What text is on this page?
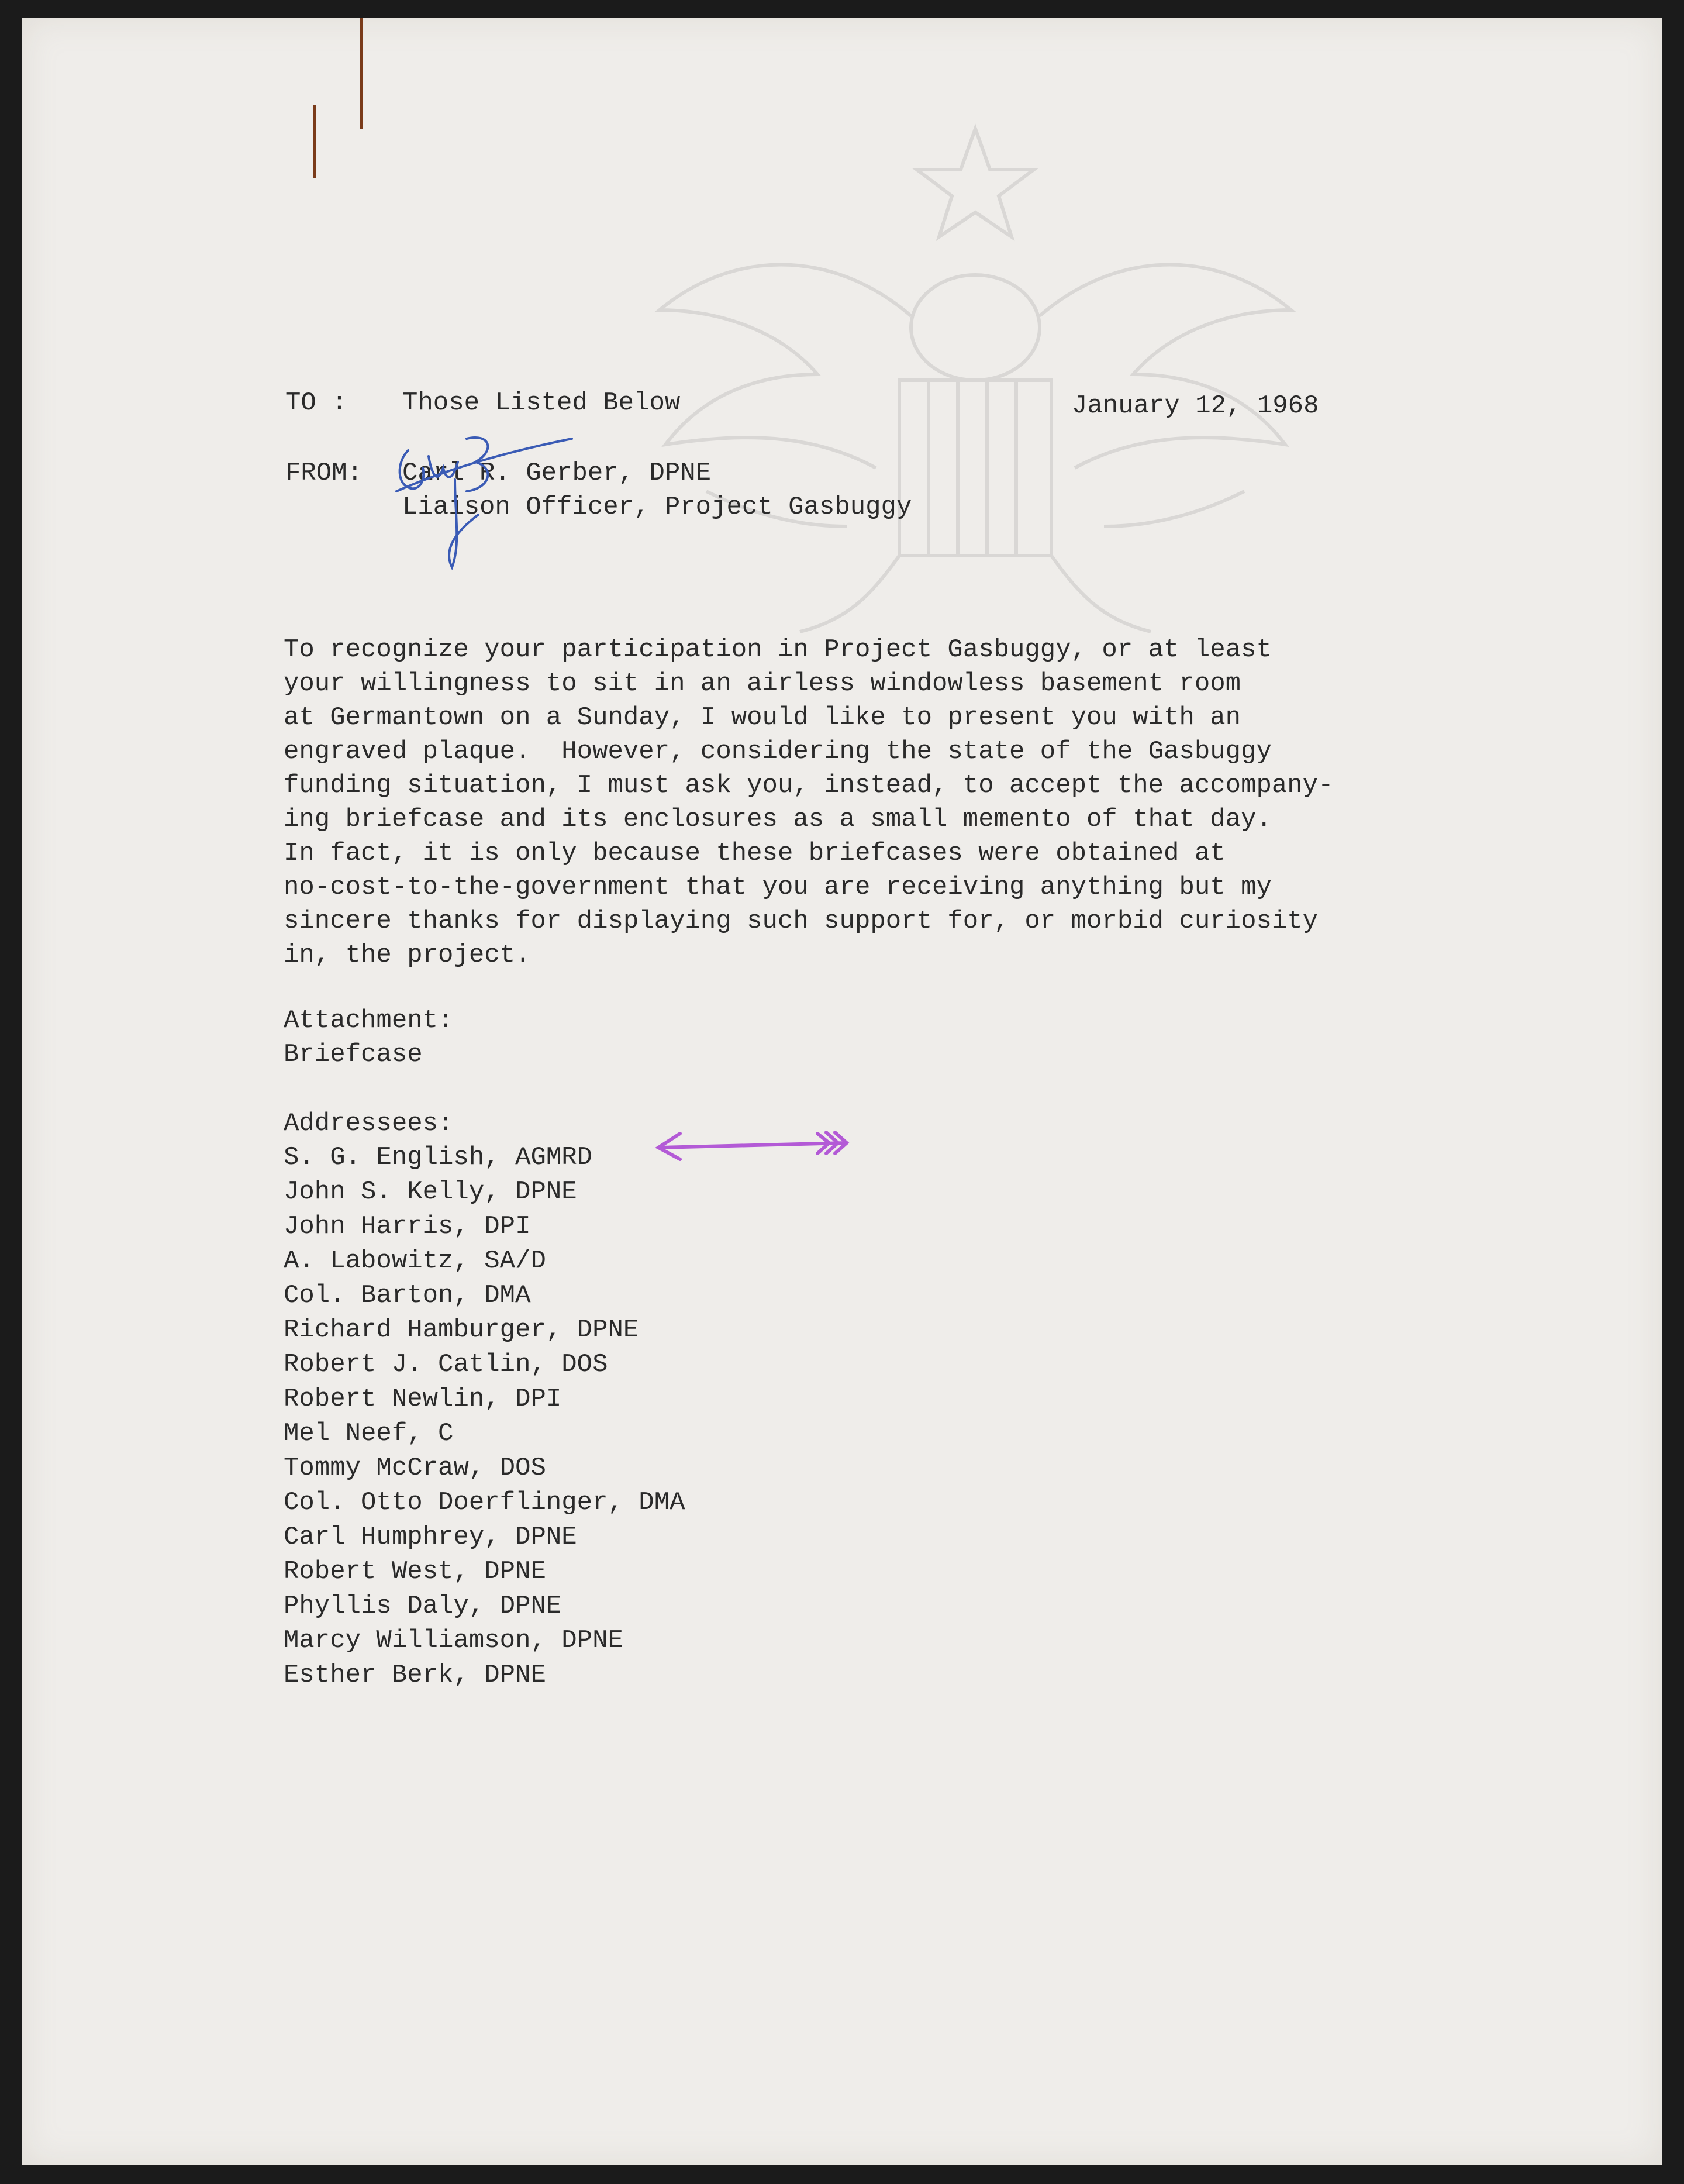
TO : Those Listed Below	January 12, 1968
FROM: Carl R. Gerber, DPNE
Liaison Officer, Project Gasbuggy
To recognize your participation in Project Gasbuggy, or at least
your willingness to sit in an airless windowless basement room
at Germantown on a Sunday, I would like to present you with an
engraved plaque.  However, considering the state of the Gasbuggy
funding situation, I must ask you, instead, to accept the accompany-
ing briefcase and its enclosures as a small memento of that day.
In fact, it is only because these briefcases were obtained at
no-cost-to-the-government that you are receiving anything but my
sincere thanks for displaying such support for, or morbid curiosity
in, the project.
Attachment:
Briefcase
Addressees:
S. G. English, AGMRD
John S. Kelly, DPNE
John Harris, DPI
A. Labowitz, SA/D
Col. Barton, DMA
Richard Hamburger, DPNE
Robert J. Catlin, DOS
Robert Newlin, DPI
Mel Neef, C
Tommy McCraw, DOS
Col. Otto Doerflinger, DMA
Carl Humphrey, DPNE
Robert West, DPNE
Phyllis Daly, DPNE
Marcy Williamson, DPNE
Esther Berk, DPNE
